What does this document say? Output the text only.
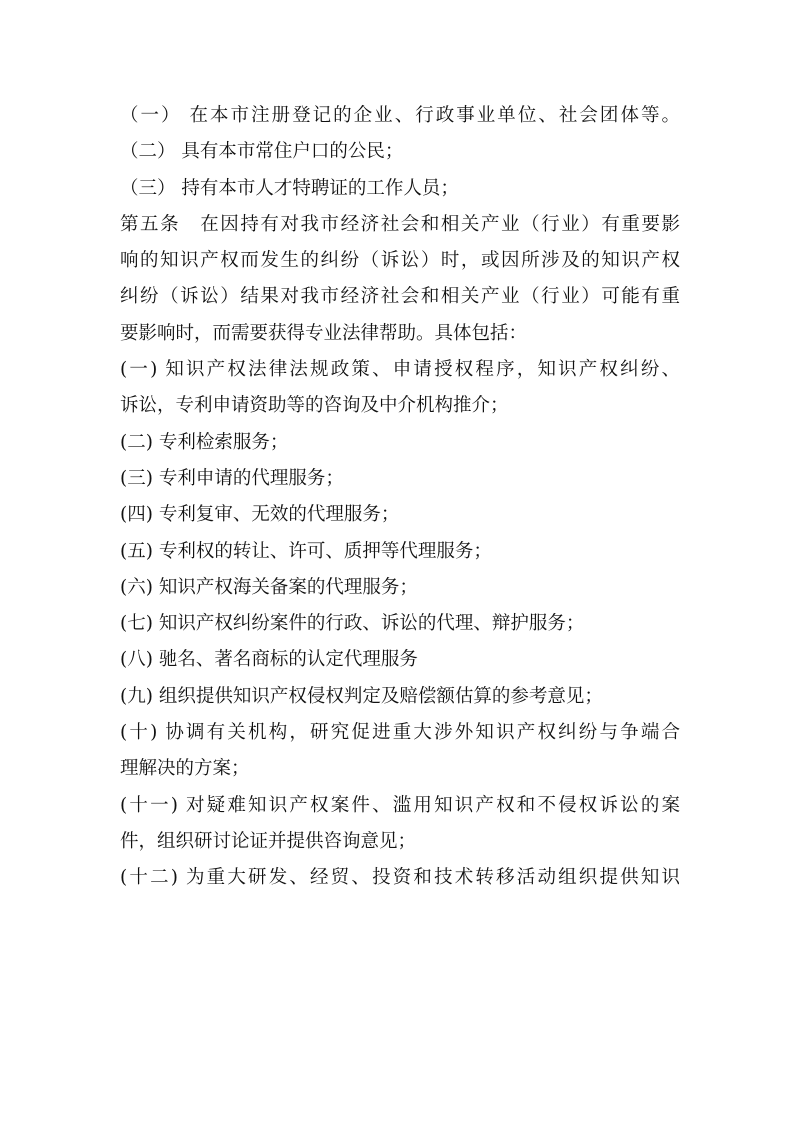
（一） 在本市注册登记的企业、行政事业单位、社会团体等。
（二） 具有本市常住户口的公民；
（三） 持有本市人才特聘证的工作人员；
第五条　在因持有对我市经济社会和相关产业（行业）有重要影
响的知识产权而发生的纠纷（诉讼）时，或因所涉及的知识产权
纠纷（诉讼）结果对我市经济社会和相关产业（行业）可能有重
要影响时，而需要获得专业法律帮助。具体包括：
(一) 知识产权法律法规政策、申请授权程序，知识产权纠纷、
诉讼，专利申请资助等的咨询及中介机构推介；
(二) 专利检索服务；
(三) 专利申请的代理服务；
(四) 专利复审、无效的代理服务；
(五) 专利权的转让、许可、质押等代理服务；
(六) 知识产权海关备案的代理服务；
(七) 知识产权纠纷案件的行政、诉讼的代理、辩护服务；
(八) 驰名、著名商标的认定代理服务
(九) 组织提供知识产权侵权判定及赔偿额估算的参考意见；
(十) 协调有关机构，研究促进重大涉外知识产权纠纷与争端合
理解决的方案；
(十一) 对疑难知识产权案件、滥用知识产权和不侵权诉讼的案
件，组织研讨论证并提供咨询意见；
(十二) 为重大研发、经贸、投资和技术转移活动组织提供知识
